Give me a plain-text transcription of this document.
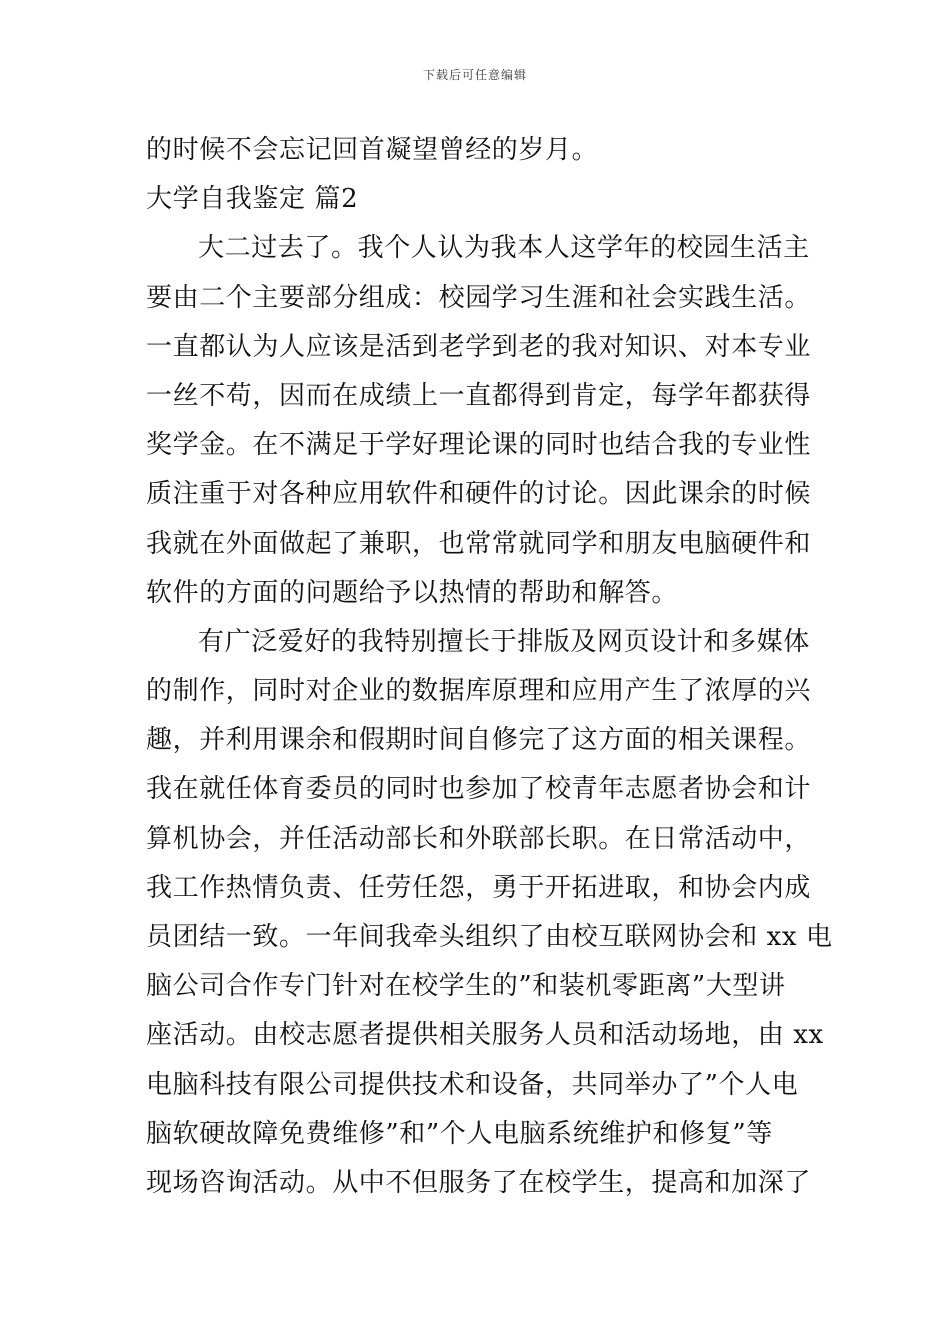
下载后可任意编辑
的时候不会忘记回首凝望曾经的岁月。
大学自我鉴定 篇2
大二过去了。我个人认为我本人这学年的校园生活主
要由二个主要部分组成：校园学习生涯和社会实践生活。
一直都认为人应该是活到老学到老的我对知识、对本专业
一丝不苟，因而在成绩上一直都得到肯定，每学年都获得
奖学金。在不满足于学好理论课的同时也结合我的专业性
质注重于对各种应用软件和硬件的讨论。因此课余的时候
我就在外面做起了兼职，也常常就同学和朋友电脑硬件和
软件的方面的问题给予以热情的帮助和解答。
有广泛爱好的我特别擅长于排版及网页设计和多媒体
的制作，同时对企业的数据库原理和应用产生了浓厚的兴
趣，并利用课余和假期时间自修完了这方面的相关课程。
我在就任体育委员的同时也参加了校青年志愿者协会和计
算机协会，并任活动部长和外联部长职。在日常活动中，
我工作热情负责、任劳任怨，勇于开拓进取，和协会内成
员团结一致。一年间我牵头组织了由校互联网协会和 xx 电
脑公司合作专门针对在校学生的”和装机零距离”大型讲
座活动。由校志愿者提供相关服务人员和活动场地，由 xx
电脑科技有限公司提供技术和设备，共同举办了”个人电
脑软硬故障免费维修”和”个人电脑系统维护和修复”等
现场咨询活动。从中不但服务了在校学生，提高和加深了
